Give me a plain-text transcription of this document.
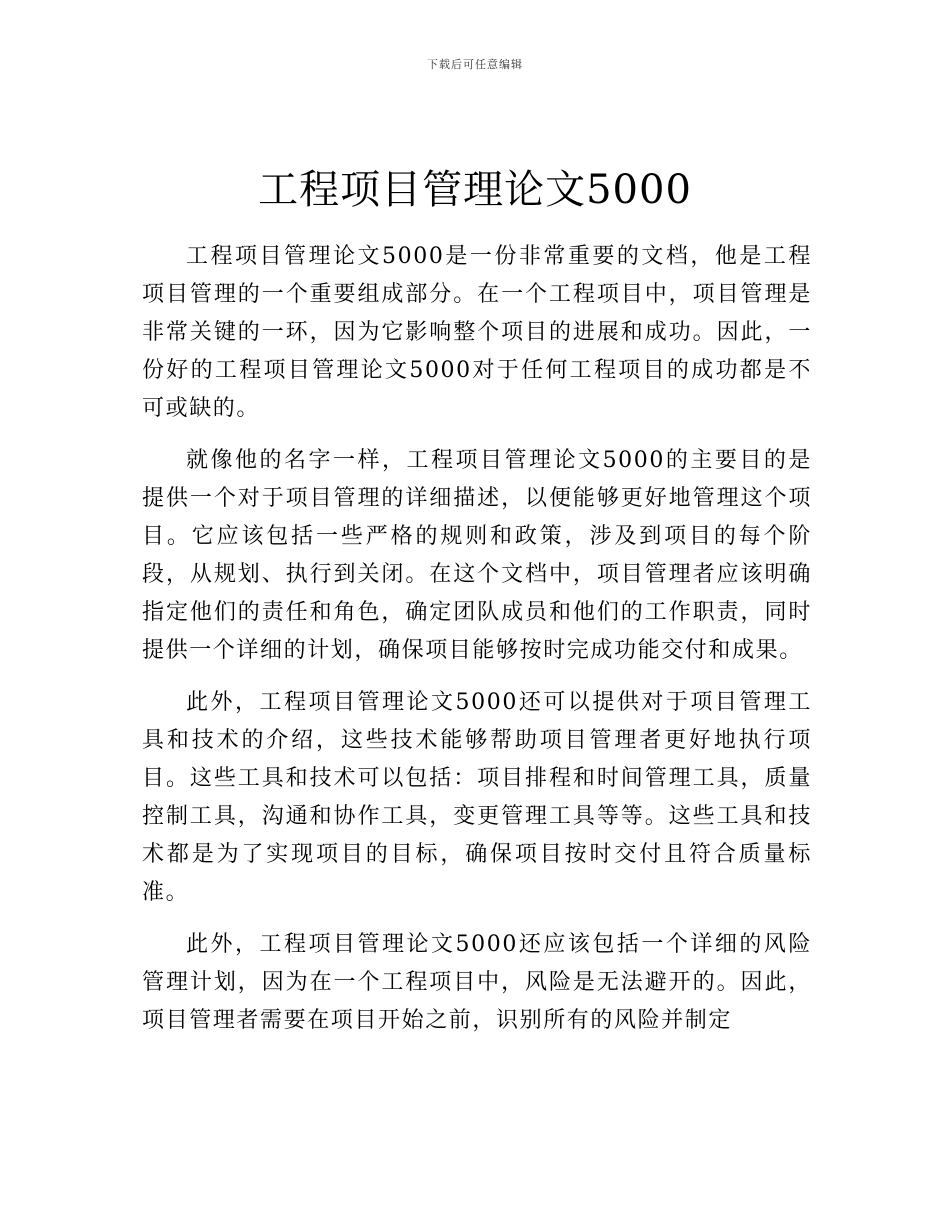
下载后可任意编辑
工程项目管理论文5000

工程项目管理论文5000是一份非常重要的文档，他是工程项目管理的一个重要组成部分。在一个工程项目中，项目管理是非常关键的一环，因为它影响整个项目的进展和成功。因此，一份好的工程项目管理论文5000对于任何工程项目的成功都是不可或缺的。

就像他的名字一样，工程项目管理论文5000的主要目的是提供一个对于项目管理的详细描述，以便能够更好地管理这个项目。它应该包括一些严格的规则和政策，涉及到项目的每个阶段，从规划、执行到关闭。在这个文档中，项目管理者应该明确指定他们的责任和角色，确定团队成员和他们的工作职责，同时提供一个详细的计划，确保项目能够按时完成功能交付和成果。

此外，工程项目管理论文5000还可以提供对于项目管理工具和技术的介绍，这些技术能够帮助项目管理者更好地执行项目。这些工具和技术可以包括：项目排程和时间管理工具，质量控制工具，沟通和协作工具，变更管理工具等等。这些工具和技术都是为了实现项目的目标，确保项目按时交付且符合质量标准。

此外，工程项目管理论文5000还应该包括一个详细的风险管理计划，因为在一个工程项目中，风险是无法避开的。因此，项目管理者需要在项目开始之前，识别所有的风险并制定
